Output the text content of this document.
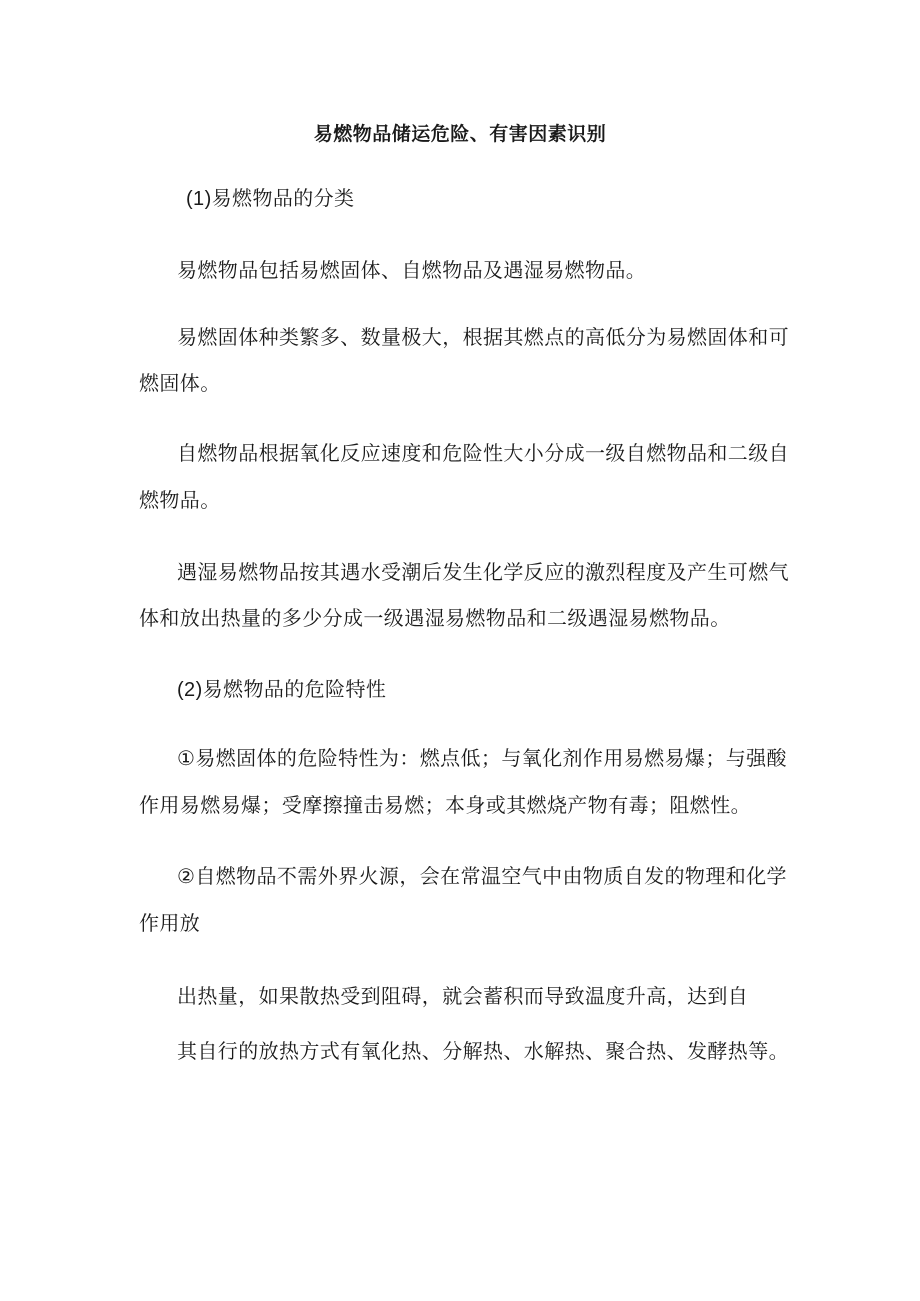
易燃物品储运危险、有害因素识别
(1)易燃物品的分类
易燃物品包括易燃固体、自燃物品及遇湿易燃物品。
易燃固体种类繁多、数量极大，根据其燃点的高低分为易燃固体和可
燃固体。
自燃物品根据氧化反应速度和危险性大小分成一级自燃物品和二级自
燃物品。
遇湿易燃物品按其遇水受潮后发生化学反应的激烈程度及产生可燃气
体和放出热量的多少分成一级遇湿易燃物品和二级遇湿易燃物品。
(2)易燃物品的危险特性
①易燃固体的危险特性为：燃点低；与氧化剂作用易燃易爆；与强酸
作用易燃易爆；受摩擦撞击易燃；本身或其燃烧产物有毒；阻燃性。
②自燃物品不需外界火源，会在常温空气中由物质自发的物理和化学
作用放
出热量，如果散热受到阻碍，就会蓄积而导致温度升高，达到自
其自行的放热方式有氧化热、分解热、水解热、聚合热、发酵热等。
